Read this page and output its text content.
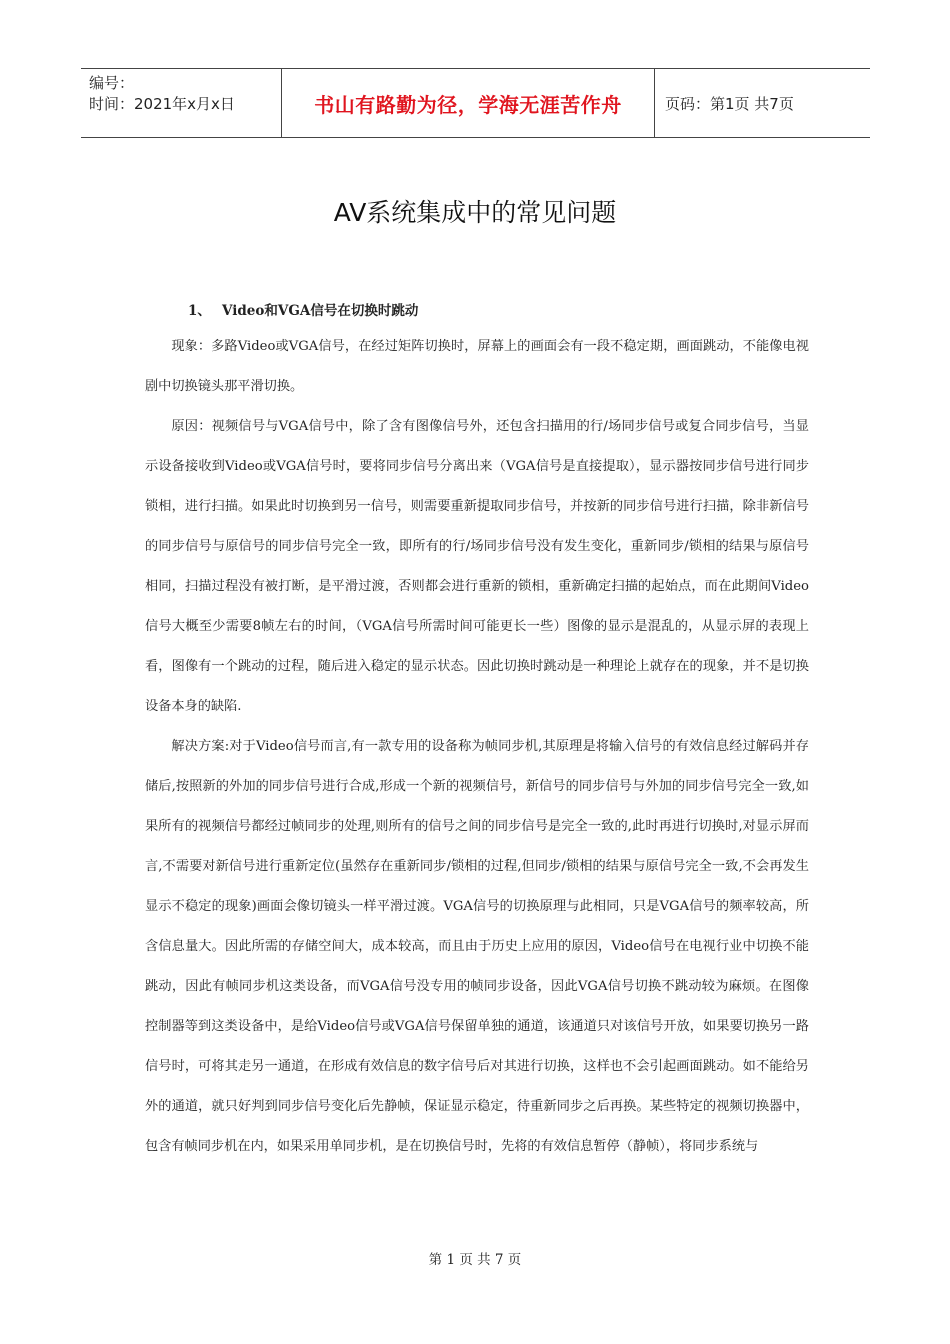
编号：
时间：2021年x月x日	书山有路勤为径，学海无涯苦作舟	页码：第1页 共7页
AV系统集成中的常见问题
1、 Video和VGA信号在切换时跳动

现象：多路Video或VGA信号，在经过矩阵切换时，屏幕上的画面会有一段不稳定期，画面跳动，不能像电视剧中切换镜头那平滑切换。

原因：视频信号与VGA信号中，除了含有图像信号外，还包含扫描用的行/场同步信号或复合同步信号，当显示设备接收到Video或VGA信号时，要将同步信号分离出来（VGA信号是直接提取），显示器按同步信号进行同步锁相，进行扫描。如果此时切换到另一信号，则需要重新提取同步信号，并按新的同步信号进行扫描，除非新信号的同步信号与原信号的同步信号完全一致，即所有的行/场同步信号没有发生变化，重新同步/锁相的结果与原信号相同，扫描过程没有被打断，是平滑过渡，否则都会进行重新的锁相，重新确定扫描的起始点，而在此期间Video信号大概至少需要8帧左右的时间，（VGA信号所需时间可能更长一些）图像的显示是混乱的，从显示屏的表现上看，图像有一个跳动的过程，随后进入稳定的显示状态。因此切换时跳动是一种理论上就存在的现象，并不是切换设备本身的缺陷.

解决方案:对于Video信号而言,有一款专用的设备称为帧同步机,其原理是将输入信号的有效信息经过解码并存储后,按照新的外加的同步信号进行合成,形成一个新的视频信号，新信号的同步信号与外加的同步信号完全一致,如果所有的视频信号都经过帧同步的处理,则所有的信号之间的同步信号是完全一致的,此时再进行切换时,对显示屏而言,不需要对新信号进行重新定位(虽然存在重新同步/锁相的过程,但同步/锁相的结果与原信号完全一致,不会再发生显示不稳定的现象)画面会像切镜头一样平滑过渡。VGA信号的切换原理与此相同，只是VGA信号的频率较高，所含信息量大。因此所需的存储空间大，成本较高，而且由于历史上应用的原因，Video信号在电视行业中切换不能跳动，因此有帧同步机这类设备，而VGA信号没专用的帧同步设备，因此VGA信号切换不跳动较为麻烦。在图像控制器等到这类设备中，是给Video信号或VGA信号保留单独的通道，该通道只对该信号开放，如果要切换另一路信号时，可将其走另一通道，在形成有效信息的数字信号后对其进行切换，这样也不会引起画面跳动。如不能给另外的通道，就只好判到同步信号变化后先静帧，保证显示稳定，待重新同步之后再换。某些特定的视频切换器中，包含有帧同步机在内，如果采用单同步机，是在切换信号时，先将的有效信息暂停（静帧），将同步系统与

第 1 页 共 7 页
